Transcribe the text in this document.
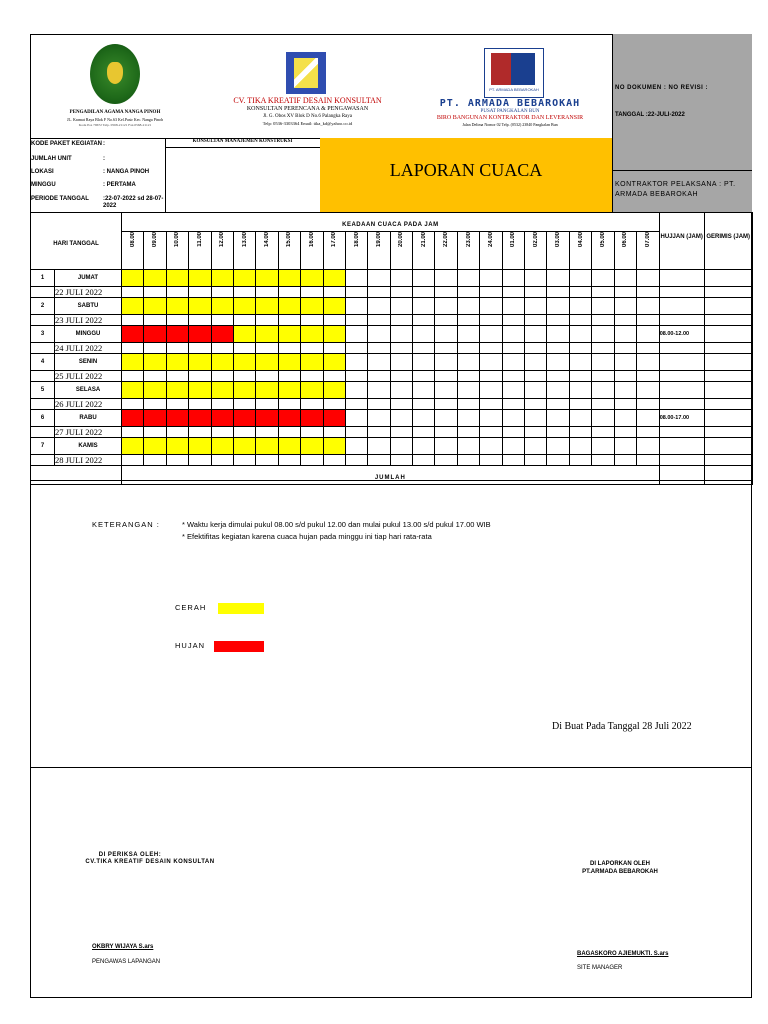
PENGADILAN AGAMA NANGA PINOH
JL. Kramat Raya Blok F No.63 Kel.Pasir Kec. Nanga Pinoh
Kode Pos 79672 Telp. 0568-21121 Fax.0568-21121
CV. TIKA KREATIF DESAIN KONSULTAN
KONSULTAN PERENCANA & PENGAWASAN
Jl. G. Obos XV Blok D No.6 Palangka Raya
Telp: 0536-3303364 Email: tika_kd@yahoo.co.id
PT. ARMADA BEBAROKAH
PT. ARMADA BEBAROKAH
PUSAT PANGKALAN BUN
BIRO BANGUNAN KONTRAKTOR DAN LEVERANSIR
Jalan Delima Nomor 02 Telp. (0532) 23840 Pangkalan Bun
NO DOKUMEN : NO REVISI :
TANGGAL :22-JULI-2022
KONTRAKTOR PELAKSANA : PT. ARMADA BEBAROKAH
LAPORAN CUACA
KONSULTAN MANAJEMEN KONSTRUKSI
KODE PAKET KEGIATAN :
JUMLAH UNIT	:
LOKASI	: NANGA PINOH
MINGGU	: PERTAMA
PERIODE TANGGAL :22-07-2022 sd 28-07-2022
HARI TANGGAL		KEADAAN CUACA PADA JAM																								HUJJAN (JAM)	GERIMIS (JAM)
		08.00	09.00	10.00	11.00	12.00	13.00	14.00	15.00	16.00	17.00	18.00	19.00	20.00	21.00	22.00	23.00	24.00	01.00	02.00	03.00	04.00	05.00	06.00	07.00		
1	JUMAT																										
	22 JULI 2022																										
2	SABTU																										
	23 JULI 2022																										
3	MINGGU																									08.00-12.00	
	24 JULI 2022																										
4	SENIN																										
	25 JULI 2022																										
5	SELASA																										
	26 JULI 2022																										
6	RABU																									08.00-17.00	
	27 JULI 2022																										
7	KAMIS																										
	28 JULI 2022																										
		JUMLAH																									
KETERANGAN :	* Waktu kerja dimulai pukul 08.00 s/d pukul 12.00 dan mulai pukul 13.00 s/d pukul 17.00 WIB
* Efektifitas kegiatan karena cuaca hujan pada minggu ini tiap hari rata-rata
CERAH
HUJAN
Di Buat Pada Tanggal 28 Juli 2022
DI PERIKSA OLEH:
CV.TIKA KREATIF DESAIN KONSULTAN
OKBRY WIJAYA S.ars
PENGAWAS LAPANGAN
DI LAPORKAN OLEH
PT.ARMADA BEBAROKAH
BAGASKORO AJIEMUKTI. S.ars
SITE MANAGER
